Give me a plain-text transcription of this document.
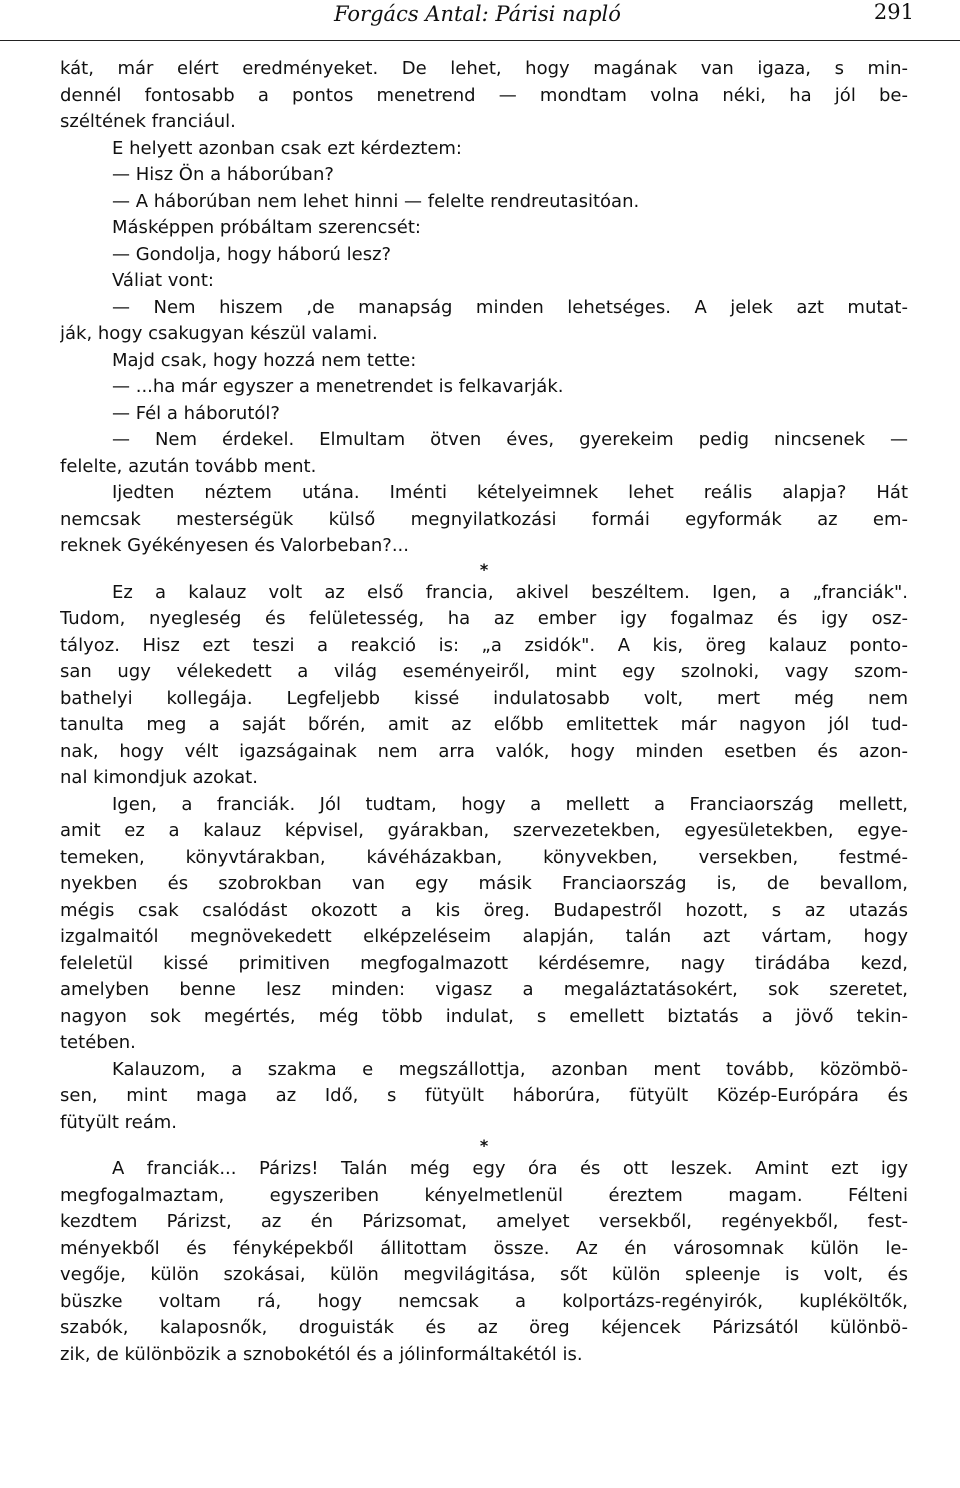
Forgács Antal: Párisi napló	291
kát, már elért eredményeket. De lehet, hogy magának van igaza, s min-
dennél fontosabb a pontos menetrend — mondtam volna néki, ha jól be-
széltének franciául.
E helyett azonban csak ezt kérdeztem:
— Hisz Ön a háborúban?
— A háborúban nem lehet hinni — felelte rendreutasitóan.
Másképpen próbáltam szerencsét:
— Gondolja, hogy háború lesz?
Váliat vont:
— Nem hiszem ,de manapság minden lehetséges. A jelek azt mutat-
ják, hogy csakugyan készül valami.
Majd csak, hogy hozzá nem tette:
— ...ha már egyszer a menetrendet is felkavarják.
— Fél a háborutól?
— Nem érdekel. Elmultam ötven éves, gyerekeim pedig nincsenek —
felelte, azután tovább ment.
Ijedten néztem utána. Iménti kételyeimnek lehet reális alapja? Hát
nemcsak mesterségük külső megnyilatkozási formái egyformák az em-
reknek Gyékényesen és Valorbeban?...
*
Ez a kalauz volt az első francia, akivel beszéltem. Igen, a „franciák".
Tudom, nyegleség és felületesség, ha az ember igy fogalmaz és igy osz-
tályoz. Hisz ezt teszi a reakció is: „a zsidók". A kis, öreg kalauz ponto-
san ugy vélekedett a világ eseményeiről, mint egy szolnoki, vagy szom-
bathelyi kollegája. Legfeljebb kissé indulatosabb volt, mert még nem
tanulta meg a saját bőrén, amit az előbb emlitettek már nagyon jól tud-
nak, hogy vélt igazságainak nem arra valók, hogy minden esetben és azon-
nal kimondjuk azokat.
Igen, a franciák. Jól tudtam, hogy a mellett a Franciaország mellett,
amit ez a kalauz képvisel, gyárakban, szervezetekben, egyesületekben, egye-
temeken, könyvtárakban, kávéházakban, könyvekben, versekben, festmé-
nyekben és szobrokban van egy másik Franciaország is, de bevallom,
mégis csak csalódást okozott a kis öreg. Budapestről hozott, s az utazás
izgalmaitól megnövekedett elképzeléseim alapján, talán azt vártam, hogy
feleletül kissé primitiven megfogalmazott kérdésemre, nagy tirádába kezd,
amelyben benne lesz minden: vigasz a megaláztatásokért, sok szeretet,
nagyon sok megértés, még több indulat, s emellett biztatás a jövő tekin-
tetében.
Kalauzom, a szakma e megszállottja, azonban ment tovább, közömbö-
sen, mint maga az Idő, s fütyült háborúra, fütyült Közép-Európára és
fütyült reám.
*
A franciák... Párizs! Talán még egy óra és ott leszek. Amint ezt igy
megfogalmaztam, egyszeriben kényelmetlenül éreztem magam. Félteni
kezdtem Párizst, az én Párizsomat, amelyet versekből, regényekből, fest-
ményekből és fényképekből állitottam össze. Az én városomnak külön le-
vegője, külön szokásai, külön megvilágitása, sőt külön spleenje is volt, és
büszke voltam rá, hogy nemcsak a kolportázs-regényirók, kupléköltők,
szabók, kalaposnők, droguisták és az öreg kéjencek Párizsától különbö-
zik, de különbözik a sznobokétól és a jólinformáltakétól is.
